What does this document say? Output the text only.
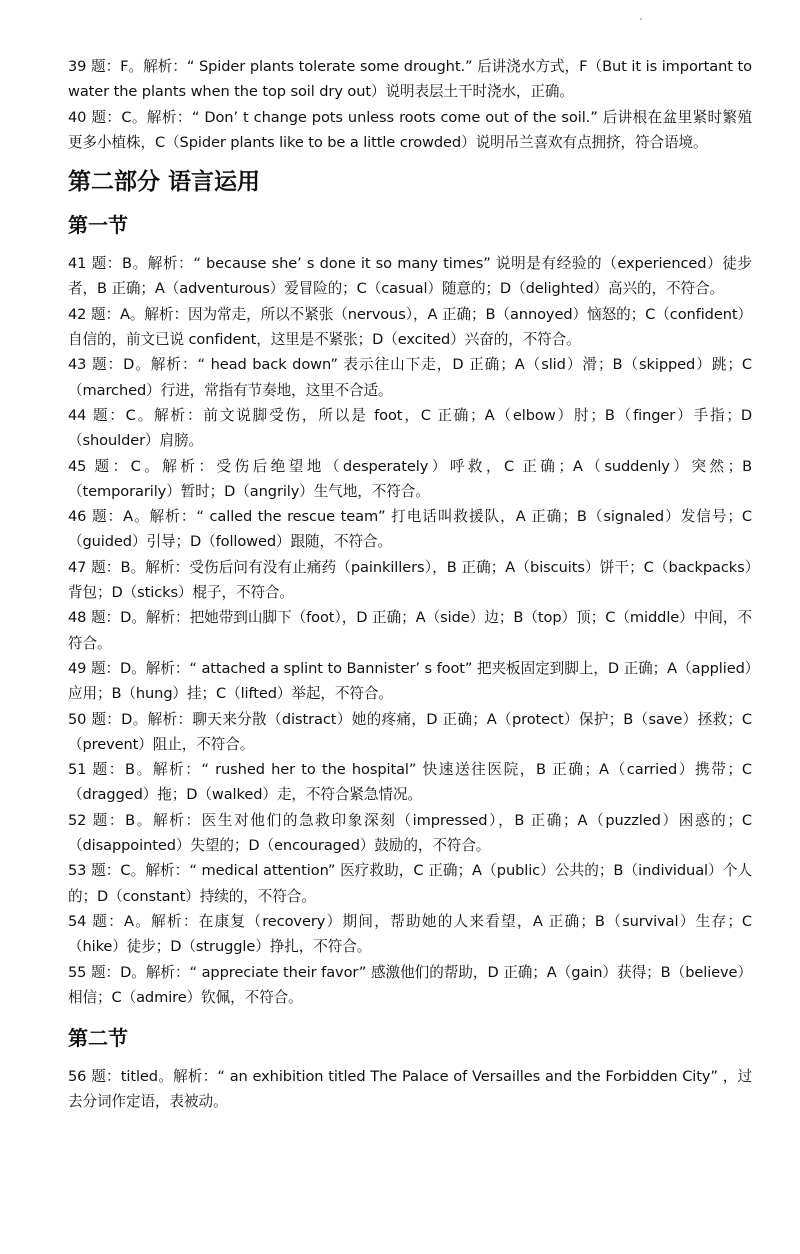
39 题：F。解析：“ Spider plants tolerate some drought.” 后讲浇水方式，F（But it is important to water the plants when the top soil dry out）说明表层土干时浇水，正确。

40 题：C。解析：“ Don’ t change pots unless roots come out of the soil.” 后讲根在盆里紧时繁殖更多小植株，C（Spider plants like to be a little crowded）说明吊兰喜欢有点拥挤，符合语境。

第二部分 语言运用
第一节

41 题：B。解析：“ because she’ s done it so many times” 说明是有经验的（experienced）徒步者，B 正确；A（adventurous）爱冒险的；C（casual）随意的；D（delighted）高兴的，不符合。

42 题：A。解析：因为常走，所以不紧张（nervous），A 正确；B（annoyed）恼怒的；C（confident）自信的，前文已说 confident，这里是不紧张；D（excited）兴奋的，不符合。

43 题：D。解析：“ head back down” 表示往山下走，D 正确；A（slid）滑；B（skipped）跳；C（marched）行进，常指有节奏地，这里不合适。

44 题：C。解析：前文说脚受伤，所以是 foot，C 正确；A（elbow）肘；B（finger）手指；D（shoulder）肩膀。

45 题：C。解析：受伤后绝望地（desperately）呼救，C 正确；A（suddenly）突然；B（temporarily）暂时；D（angrily）生气地，不符合。

46 题：A。解析：“ called the rescue team” 打电话叫救援队，A 正确；B（signaled）发信号；C（guided）引导；D（followed）跟随，不符合。

47 题：B。解析：受伤后问有没有止痛药（painkillers），B 正确；A（biscuits）饼干；C（backpacks）背包；D（sticks）棍子，不符合。

48 题：D。解析：把她带到山脚下（foot），D 正确；A（side）边；B（top）顶；C（middle）中间，不符合。

49 题：D。解析：“ attached a splint to Bannister’ s foot” 把夹板固定到脚上，D 正确；A（applied）应用；B（hung）挂；C（lifted）举起，不符合。

50 题：D。解析：聊天来分散（distract）她的疼痛，D 正确；A（protect）保护；B（save）拯救；C（prevent）阻止，不符合。

51 题：B。解析：“ rushed her to the hospital” 快速送往医院，B 正确；A（carried）携带；C（dragged）拖；D（walked）走，不符合紧急情况。

52 题：B。解析：医生对他们的急救印象深刻（impressed），B 正确；A（puzzled）困惑的；C（disappointed）失望的；D（encouraged）鼓励的，不符合。

53 题：C。解析：“ medical attention” 医疗救助，C 正确；A（public）公共的；B（individual）个人的；D（constant）持续的，不符合。

54 题：A。解析：在康复（recovery）期间，帮助她的人来看望，A 正确；B（survival）生存；C（hike）徒步；D（struggle）挣扎，不符合。

55 题：D。解析：“ appreciate their favor” 感激他们的帮助，D 正确；A（gain）获得；B（believe）相信；C（admire）钦佩，不符合。

第二节

56 题：titled。解析：“ an exhibition titled The Palace of Versailles and the Forbidden City” ，过去分词作定语，表被动。
